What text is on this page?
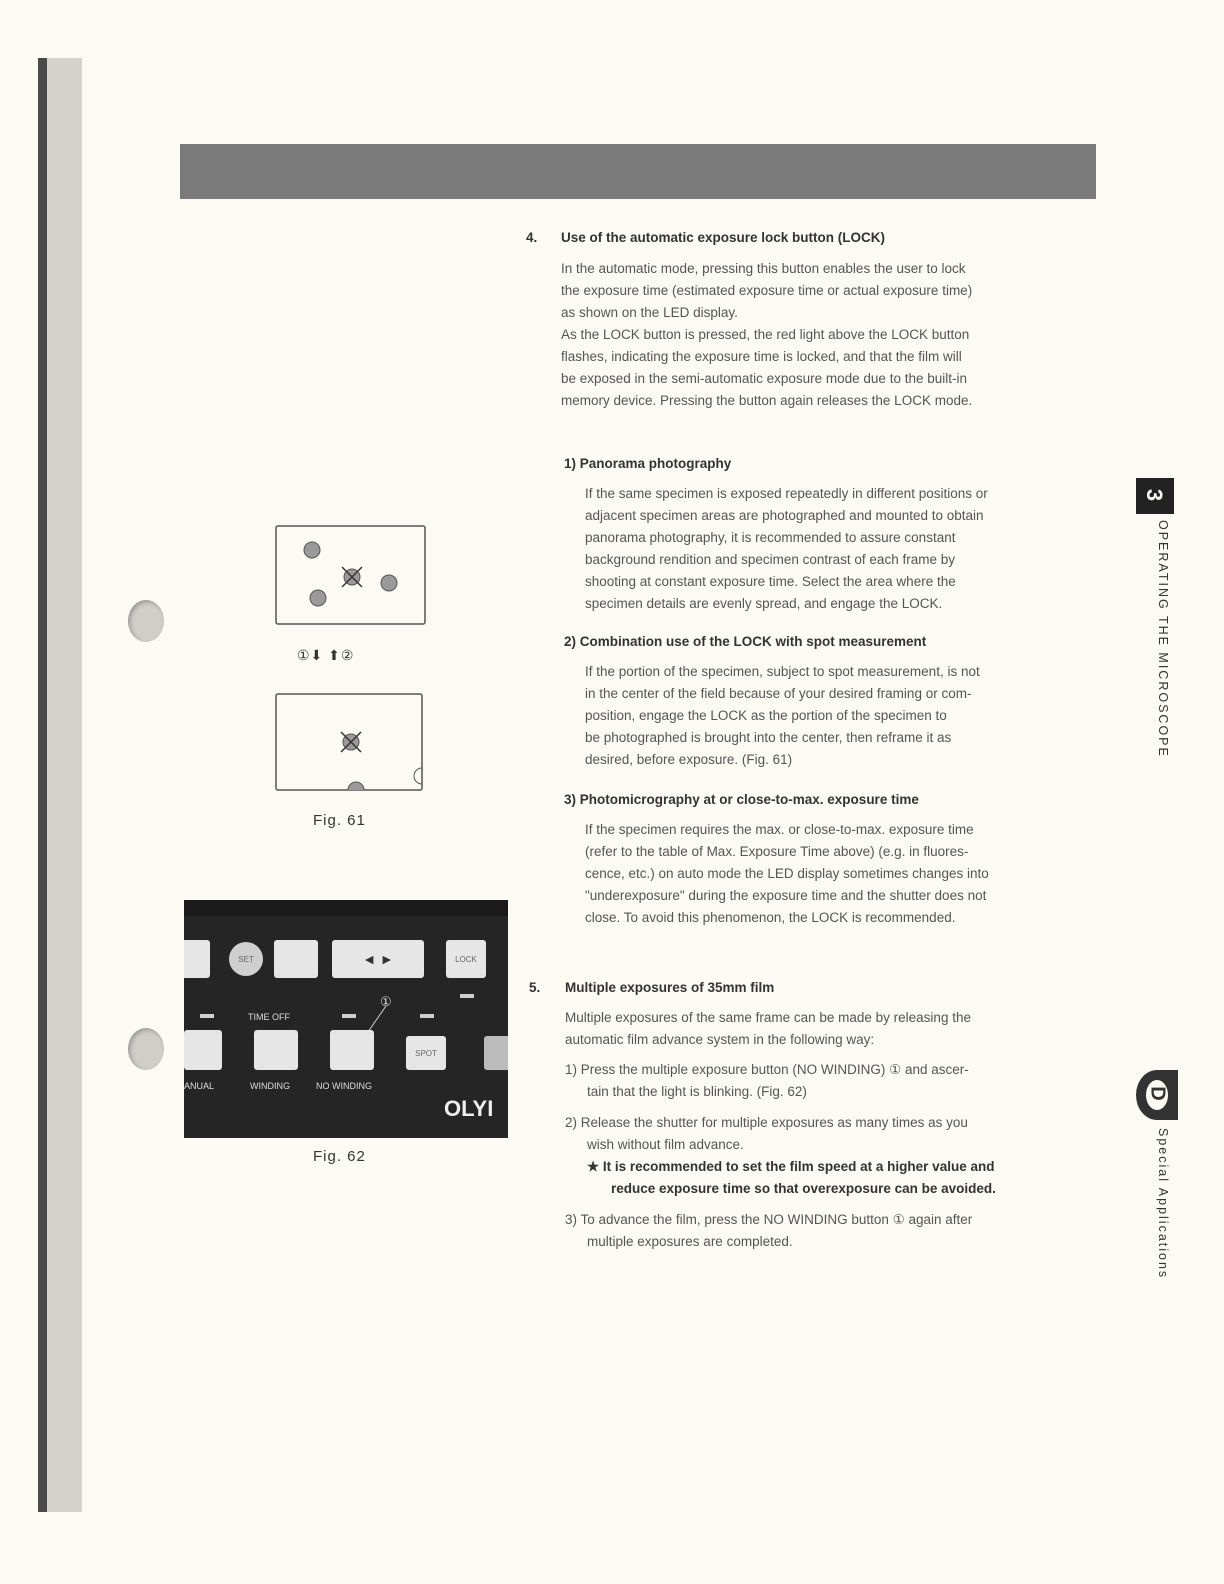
4. Use of the automatic exposure lock button (LOCK)

In the automatic mode, pressing this button enables the user to lock

the exposure time (estimated exposure time or actual exposure time)

as shown on the LED display.

As the LOCK button is pressed, the red light above the LOCK button

flashes, indicating the exposure time is locked, and that the film will

be exposed in the semi-automatic exposure mode due to the built-in

memory device. Pressing the button again releases the LOCK mode.

1) Panorama photography

If the same specimen is exposed repeatedly in different positions or

adjacent specimen areas are photographed and mounted to obtain

panorama photography, it is recommended to assure constant

background rendition and specimen contrast of each frame by

shooting at constant exposure time. Select the area where the

specimen details are evenly spread, and engage the LOCK.

2) Combination use of the LOCK with spot measurement

If the portion of the specimen, subject to spot measurement, is not

in the center of the field because of your desired framing or com-

position, engage the LOCK as the portion of the specimen to

be photographed is brought into the center, then reframe it as

desired, before exposure. (Fig. 61)

3) Photomicrography at or close-to-max. exposure time

If the specimen requires the max. or close-to-max. exposure time

(refer to the table of Max. Exposure Time above) (e.g. in fluores-

cence, etc.) on auto mode the LED display sometimes changes into

"underexposure" during the exposure time and the shutter does not

close. To avoid this phenomenon, the LOCK is recommended.

5. Multiple exposures of 35mm film

Multiple exposures of the same frame can be made by releasing the

automatic film advance system in the following way:

1) Press the multiple exposure button (NO WINDING) ① and ascer-

tain that the light is blinking. (Fig. 62)

2) Release the shutter for multiple exposures as many times as you

wish without film advance.

★ It is recommended to set the film speed at a higher value and

reduce exposure time so that overexposure can be avoided.

3) To advance the film, press the NO WINDING button ① again after

multiple exposures are completed.

①⬇ ⬆②
Fig. 61
SET	◄ ►	LOCK
TIME OFF
①
SPOT
ANUAL	WINDING	NO WINDING
OLYI
Fig. 62
3
OPERATING THE MICROSCOPE
D
Special Applications
